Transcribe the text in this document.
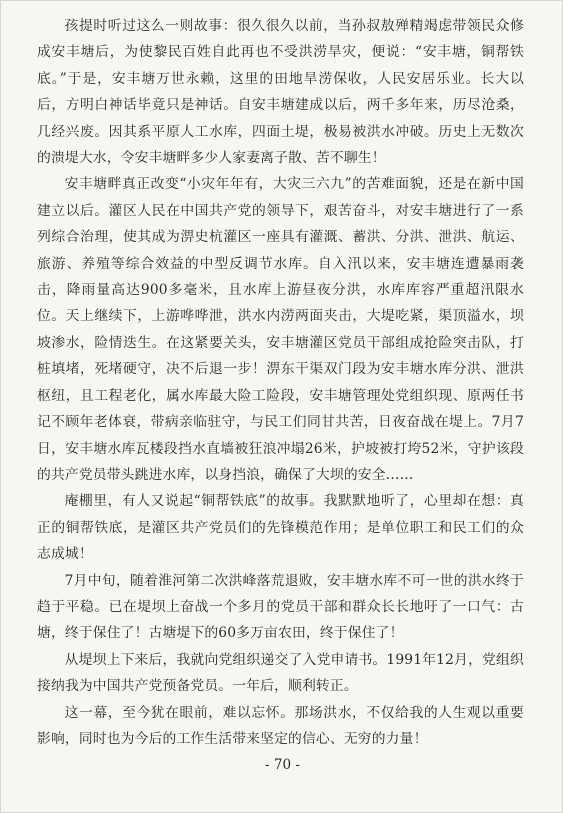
孩提时听过这么一则故事：很久很久以前，当孙叔敖殚精竭虑带领民众修成安丰塘后，为使黎民百姓自此再也不受洪涝旱灾，便说：“安丰塘，铜帮铁底。”于是，安丰塘万世永赖，这里的田地旱涝保收，人民安居乐业。长大以后，方明白神话毕竟只是神话。自安丰塘建成以后，两千多年来，历尽沧桑，几经兴废。因其系平原人工水库，四面土堤，极易被洪水冲破。历史上无数次的溃堤大水，令安丰塘畔多少人家妻离子散、苦不聊生！

安丰塘畔真正改变“小灾年年有，大灾三六九”的苦难面貌，还是在新中国建立以后。灌区人民在中国共产党的领导下，艰苦奋斗，对安丰塘进行了一系列综合治理，使其成为淠史杭灌区一座具有灌溉、蓄洪、分洪、泄洪、航运、旅游、养殖等综合效益的中型反调节水库。自入汛以来，安丰塘连遭暴雨袭击，降雨量高达900多毫米，且水库上游昼夜分洪，水库库容严重超汛限水位。天上继续下，上游哗哗泄，洪水内涝两面夹击，大堤吃紧，渠顶溢水，坝坡渗水，险情迭生。在这紧要关头，安丰塘灌区党员干部组成抢险突击队，打桩填堵，死堵硬守，决不后退一步！淠东干渠双门段为安丰塘水库分洪、泄洪枢纽，且工程老化，属水库最大险工险段，安丰塘管理处党组织现、原两任书记不顾年老体衰，带病亲临驻守，与民工们同甘共苦，日夜奋战在堤上。7月7日，安丰塘水库瓦楼段挡水直墙被狂浪冲塌26米，护坡被打垮52米，守护该段的共产党员带头跳进水库，以身挡浪，确保了大坝的安全……

庵棚里，有人又说起“铜帮铁底”的故事。我默默地听了，心里却在想：真正的铜帮铁底，是灌区共产党员们的先锋模范作用；是单位职工和民工们的众志成城！

7月中旬，随着淮河第二次洪峰落荒退败，安丰塘水库不可一世的洪水终于趋于平稳。已在堤坝上奋战一个多月的党员干部和群众长长地吁了一口气：古塘，终于保住了！古塘堤下的60多万亩农田，终于保住了！

从堤坝上下来后，我就向党组织递交了入党申请书。1991年12月，党组织接纳我为中国共产党预备党员。一年后，顺利转正。

这一幕，至今犹在眼前，难以忘怀。那场洪水，不仅给我的人生观以重要影响，同时也为今后的工作生活带来坚定的信心、无穷的力量！

- 70 -
